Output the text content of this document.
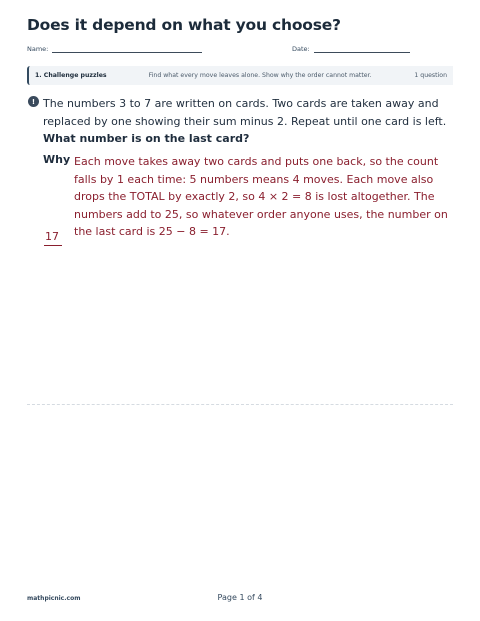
Does it depend on what you choose?
Name:	Date:
1. Challenge puzzles	Find what every move leaves alone. Show why the order cannot matter.	1 question
! The numbers 3 to 7 are written on cards. Two cards are taken away and replaced by one showing their sum minus 2. Repeat until one card is left.
What number is on the last card?
Why Each move takes away two cards and puts one back, so the count falls by 1 each time: 5 numbers means 4 moves. Each move also drops the TOTAL by exactly 2, so 4 × 2 = 8 is lost altogether. The numbers add to 25, so whatever order anyone uses, the number on the last card is 25 − 8 = 17.
17
mathpicnic.com	Page 1 of 4
